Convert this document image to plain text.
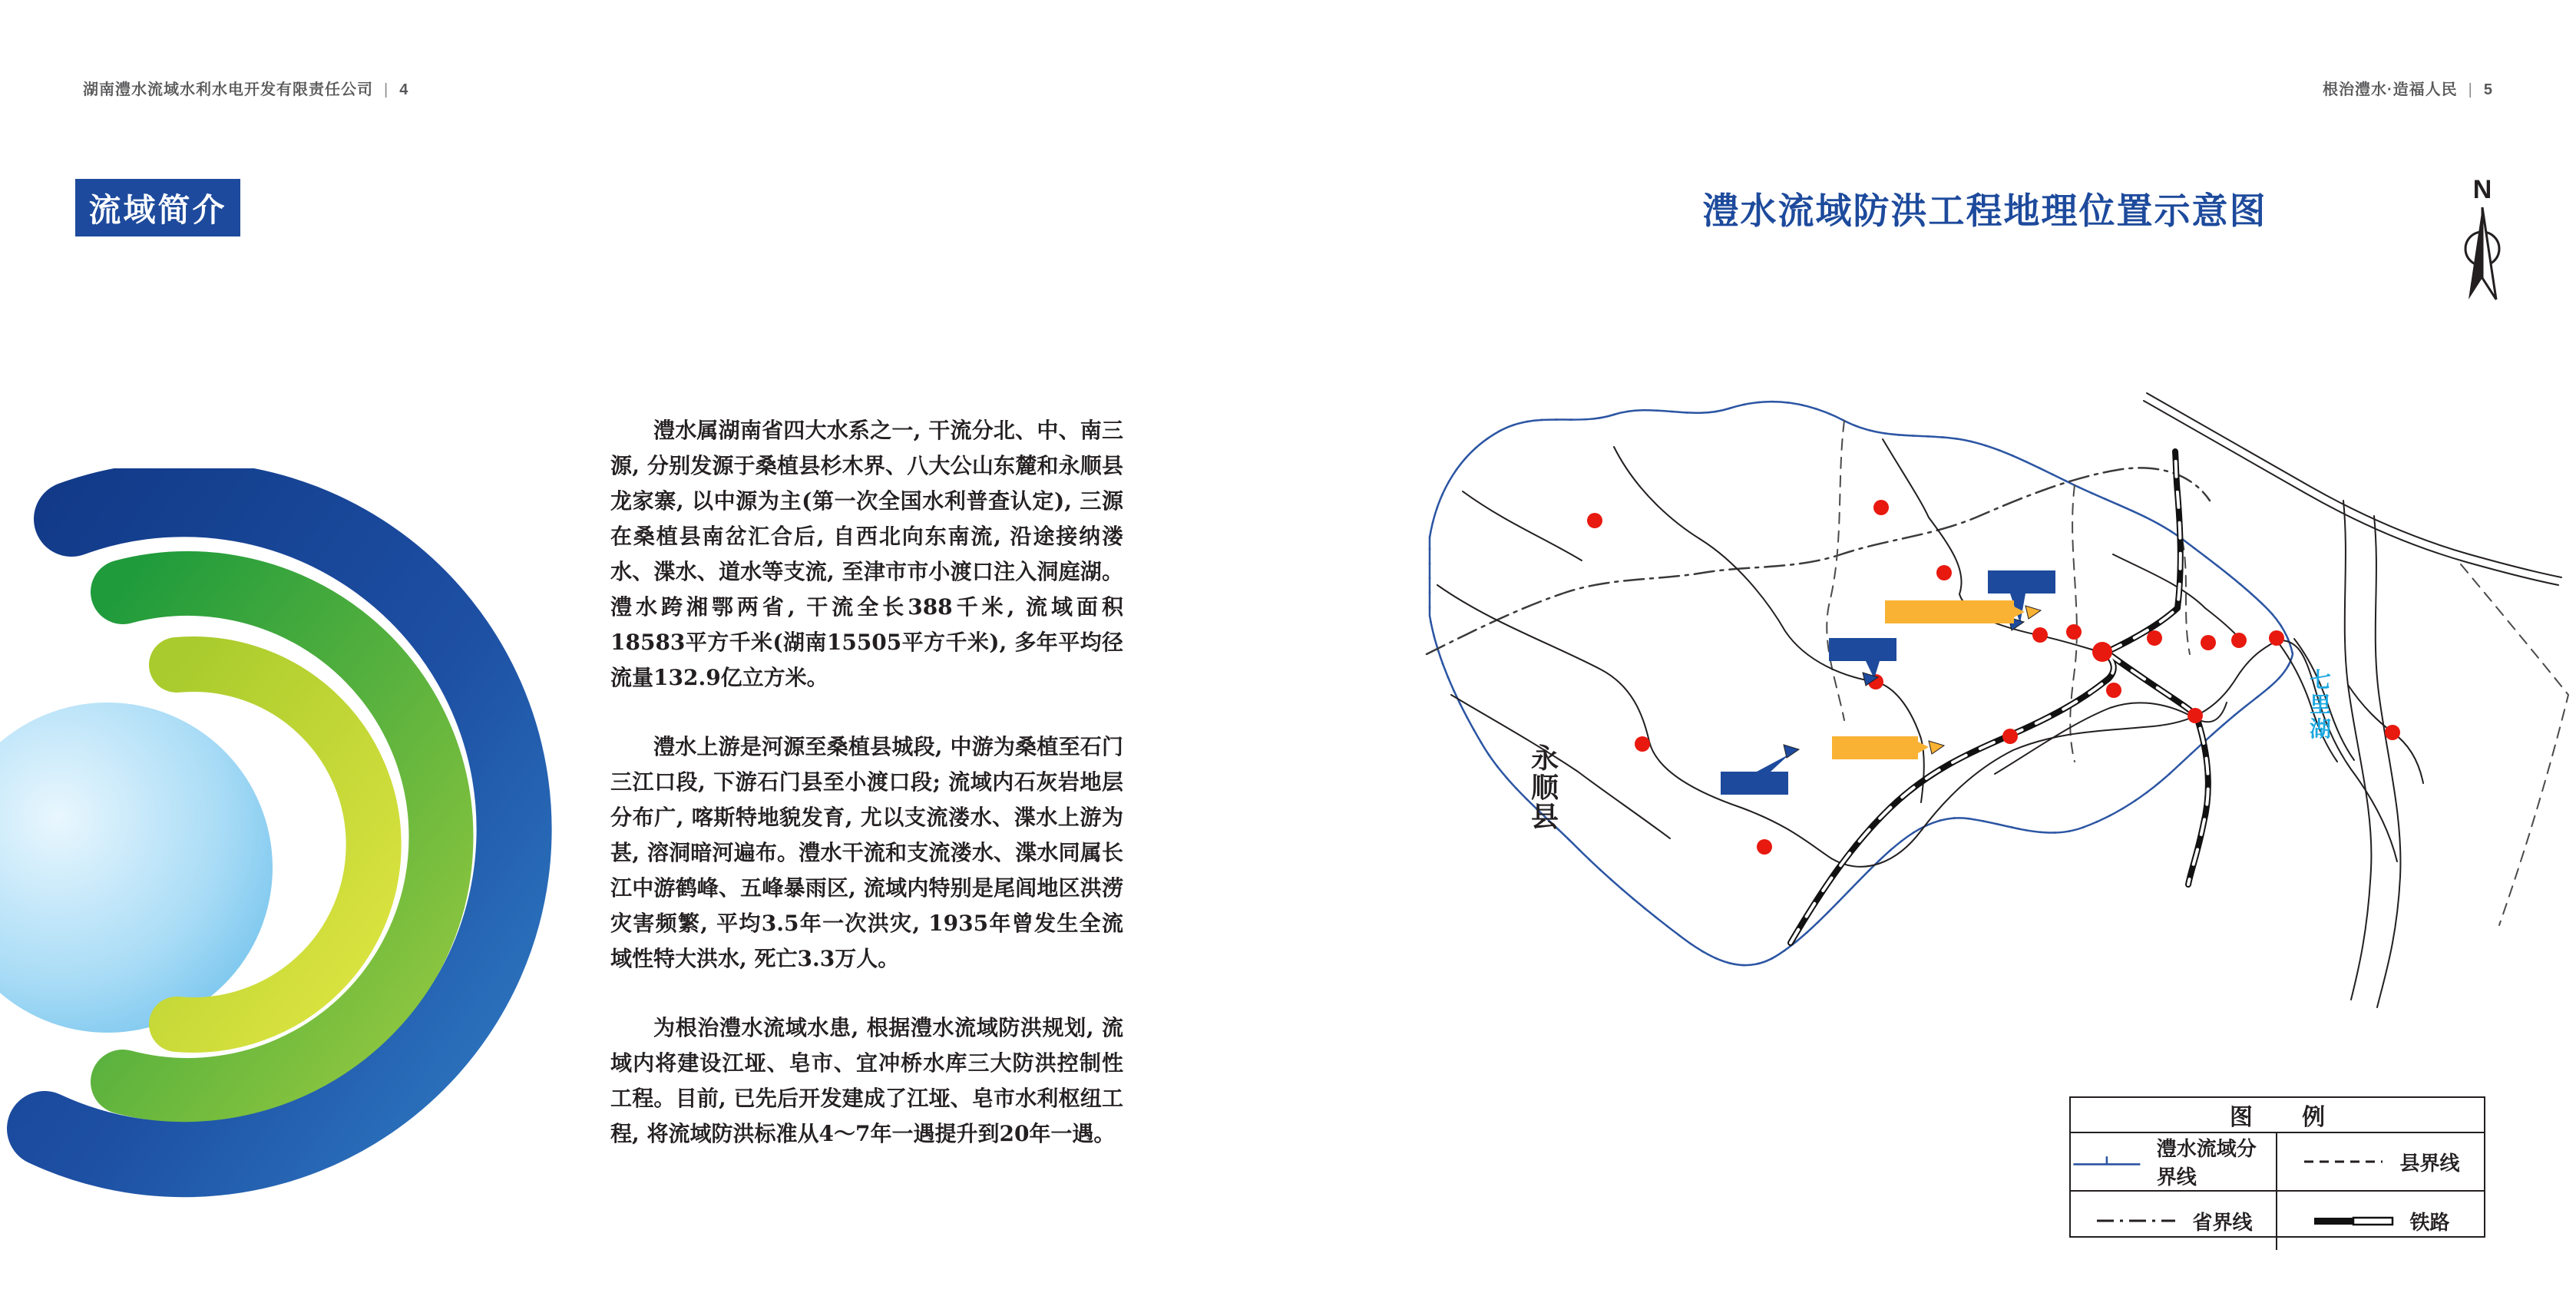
湖南澧水流域水利水电开发有限责任公司 | 4	根治澧水·造福人民 | 5
流域简介

澧水属湖南省四大水系之一, 干流分北、中、南三源, 分别发源于桑植县杉木界、八大公山东麓和永顺县龙家寨, 以中源为主(第一次全国水利普查认定), 三源在桑植县南岔汇合后, 自西北向东南流, 沿途接纳溇水、渫水、道水等支流, 至津市市小渡口注入洞庭湖。澧水跨湘鄂两省, 干流全长388千米, 流域面积18583平方千米(湖南15505平方千米), 多年平均径流量132.9亿立方米。

澧水上游是河源至桑植县城段, 中游为桑植至石门三江口段, 下游石门县至小渡口段; 流域内石灰岩地层分布广, 喀斯特地貌发育, 尤以支流溇水、渫水上游为甚, 溶洞暗河遍布。澧水干流和支流溇水、渫水同属长江中游鹤峰、五峰暴雨区, 流域内特别是尾闾地区洪涝灾害频繁, 平均3.5年一次洪灾, 1935年曾发生全流域性特大洪水, 死亡3.3万人。

为根治澧水流域水患, 根据澧水流域防洪规划, 流域内将建设江垭、皂市、宜冲桥水库三大防洪控制性工程。目前, 已先后开发建成了江垭、皂市水利枢纽工程, 将流域防洪标准从4～7年一遇提升到20年一遇。

澧水流域防洪工程地理位置示意图
N
永顺县
七里湖
图 例
澧水流域分界线
县界线
省界线	铁路
